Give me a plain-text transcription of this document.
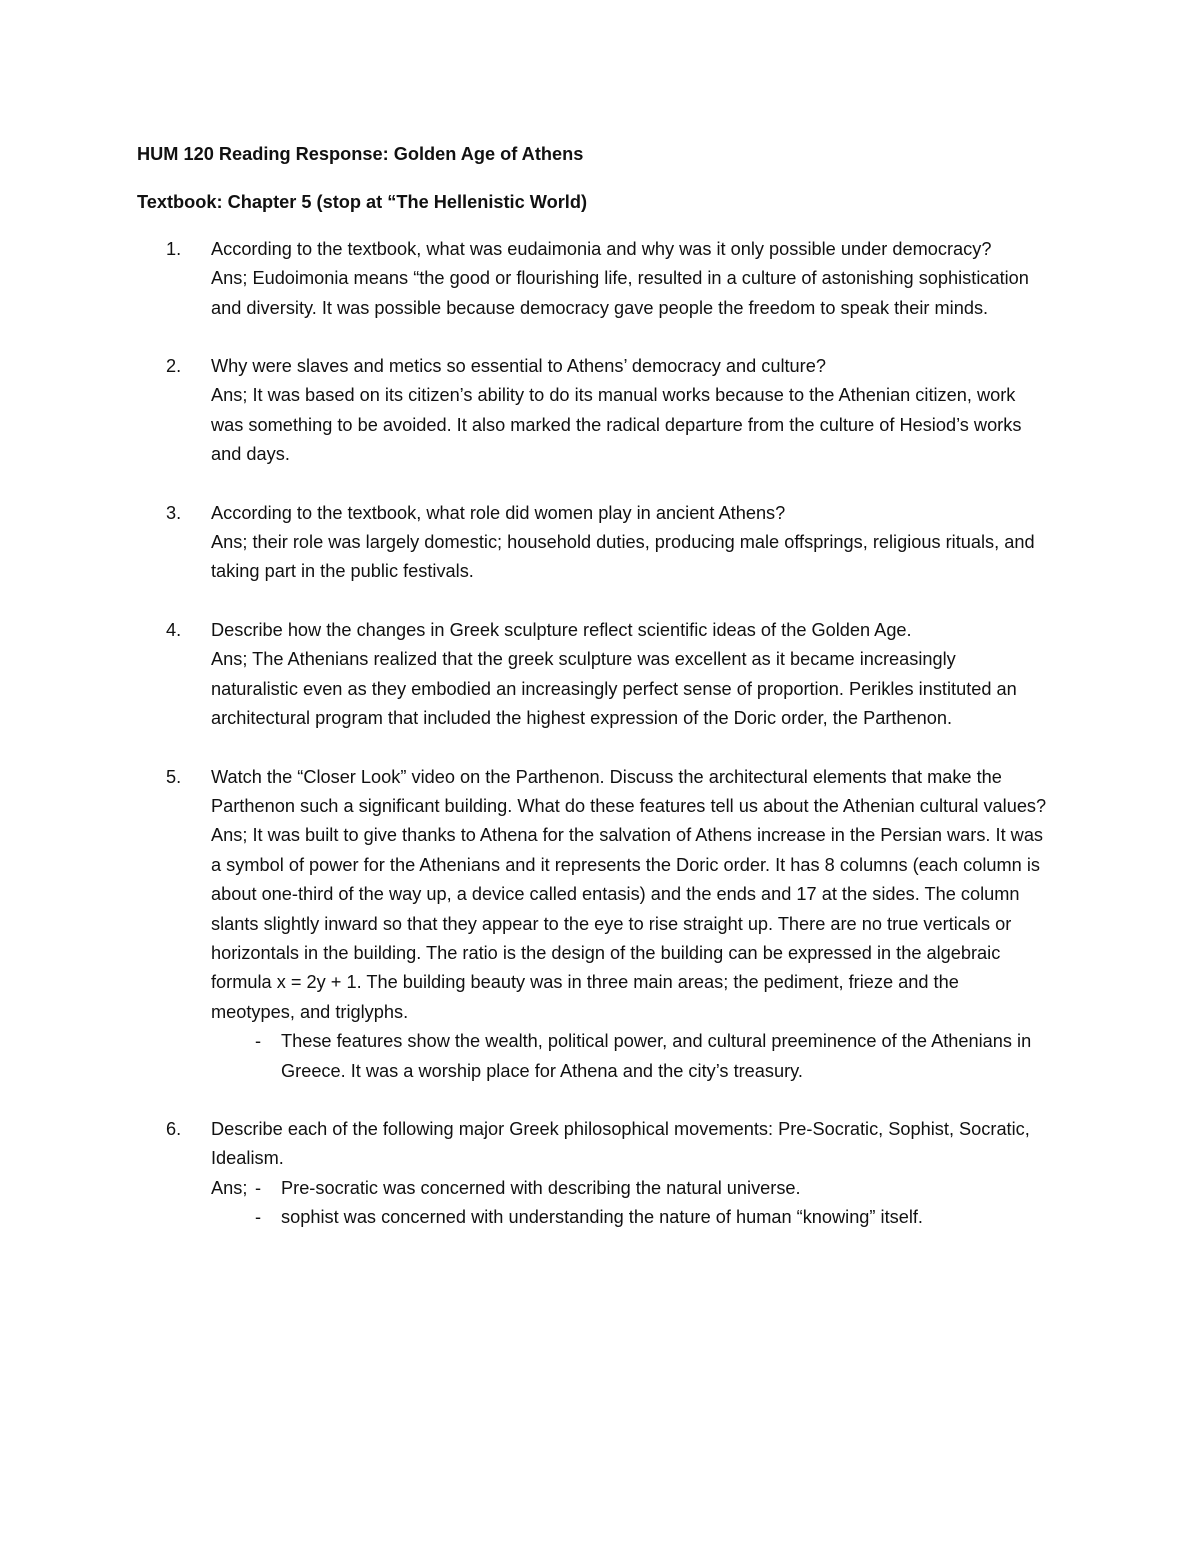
HUM 120 Reading Response: Golden Age of Athens

Textbook: Chapter 5 (stop at “The Hellenistic World)

1. According to the textbook, what was eudaimonia and why was it only possible under democracy?
Ans; Eudoimonia means “the good or flourishing life, resulted in a culture of astonishing sophistication and diversity. It was possible because democracy gave people the freedom to speak their minds.
2. Why were slaves and metics so essential to Athens’ democracy and culture?
Ans; It was based on its citizen’s ability to do its manual works because to the Athenian citizen, work was something to be avoided. It also marked the radical departure from the culture of Hesiod’s works and days.
3. According to the textbook, what role did women play in ancient Athens?
Ans; their role was largely domestic; household duties, producing male offsprings, religious rituals, and taking part in the public festivals.
4. Describe how the changes in Greek sculpture reflect scientific ideas of the Golden Age.
Ans; The Athenians realized that the greek sculpture was excellent as it became increasingly naturalistic even as they embodied an increasingly perfect sense of proportion. Perikles instituted an architectural program that included the highest expression of the Doric order, the Parthenon.
5. Watch the “Closer Look” video on the Parthenon. Discuss the architectural elements that make the Parthenon such a significant building. What do these features tell us about the Athenian cultural values?
Ans; It was built to give thanks to Athena for the salvation of Athens increase in the Persian wars. It was a symbol of power for the Athenians and it represents the Doric order. It has 8 columns (each column is about one-third of the way up, a device called entasis) and the ends and 17 at the sides. The column slants slightly inward so that they appear to the eye to rise straight up. There are no true verticals or horizontals in the building. The ratio is the design of the building can be expressed in the algebraic formula x = 2y + 1. The building beauty was in three main areas; the pediment, frieze and the meotypes, and triglyphs.
- These features show the wealth, political power, and cultural preeminence of the Athenians in Greece. It was a worship place for Athena and the city’s treasury.
6. Describe each of the following major Greek philosophical movements: Pre-Socratic, Sophist, Socratic, Idealism.
Ans; - Pre-socratic was concerned with describing the natural universe.
- sophist was concerned with understanding the nature of human “knowing” itself.
